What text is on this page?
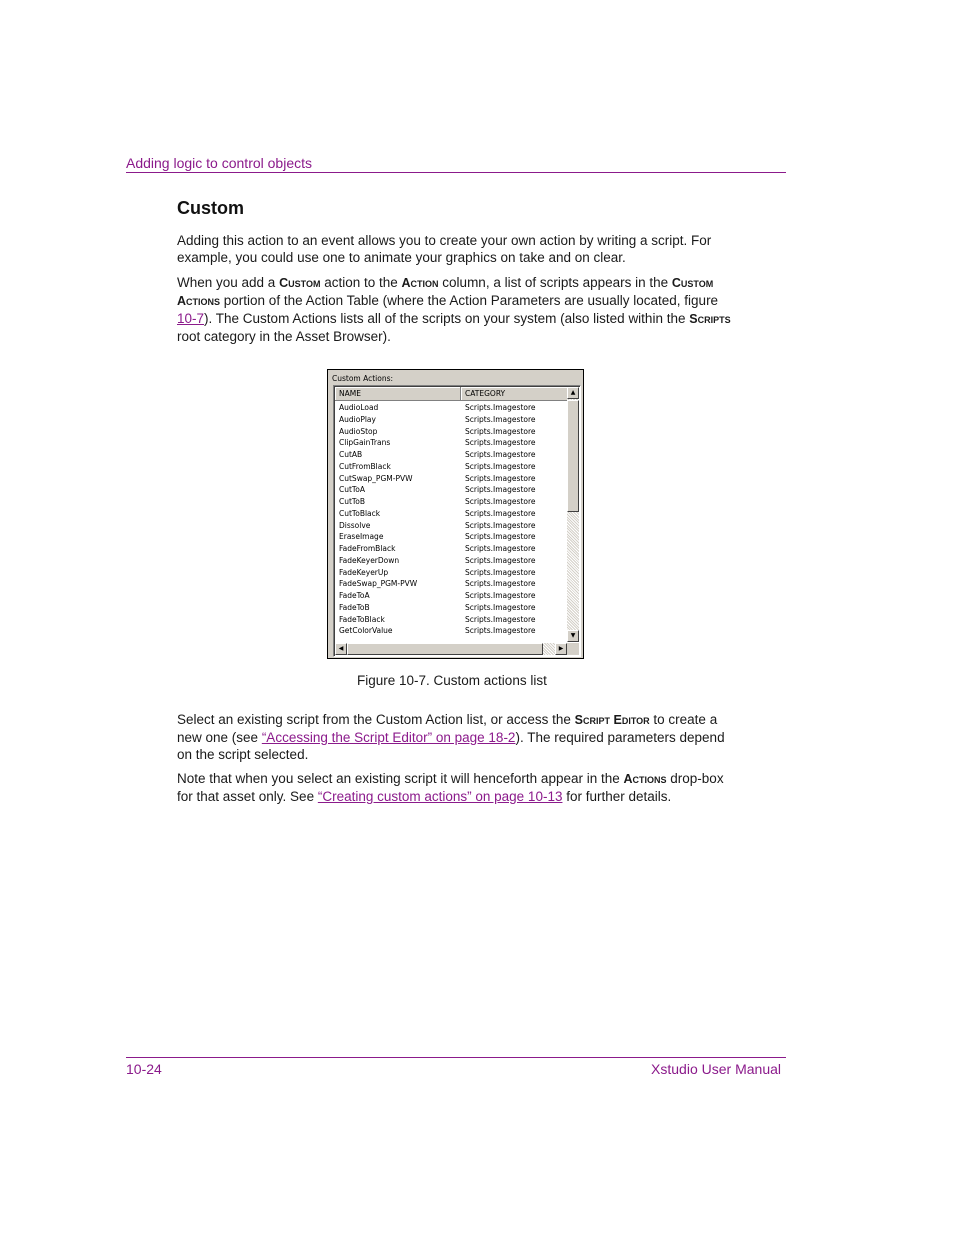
Adding logic to control objects
Custom
Adding this action to an event allows you to create your own action by writing a script. For example, you could use one to animate your graphics on take and on clear.
When you add a Custom action to the Action column, a list of scripts appears in the Custom Actions portion of the Action Table (where the Action Parameters are usually located, figure 10-7). The Custom Actions lists all of the scripts on your system (also listed within the Scripts root category in the Asset Browser).
Custom Actions:
NAME	CATEGORY
AudioLoad	Scripts.Imagestore
AudioPlay	Scripts.Imagestore
AudioStop	Scripts.Imagestore
ClipGainTrans	Scripts.Imagestore
CutAB	Scripts.Imagestore
CutFromBlack	Scripts.Imagestore
CutSwap_PGM-PVW	Scripts.Imagestore
CutToA	Scripts.Imagestore
CutToB	Scripts.Imagestore
CutToBlack	Scripts.Imagestore
Dissolve	Scripts.Imagestore
EraseImage	Scripts.Imagestore
FadeFromBlack	Scripts.Imagestore
FadeKeyerDown	Scripts.Imagestore
FadeKeyerUp	Scripts.Imagestore
FadeSwap_PGM-PVW	Scripts.Imagestore
FadeToA	Scripts.Imagestore
FadeToB	Scripts.Imagestore
FadeToBlack	Scripts.Imagestore
GetColorValue	Scripts.Imagestore
▲
▼
◀	▶
Figure 10-7. Custom actions list
Select an existing script from the Custom Action list, or access the Script Editor to create a new one (see “Accessing the Script Editor” on page 18-2). The required parameters depend on the script selected.
Note that when you select an existing script it will henceforth appear in the Actions drop-box for that asset only. See “Creating custom actions” on page 10-13 for further details.
10-24	Xstudio User Manual
